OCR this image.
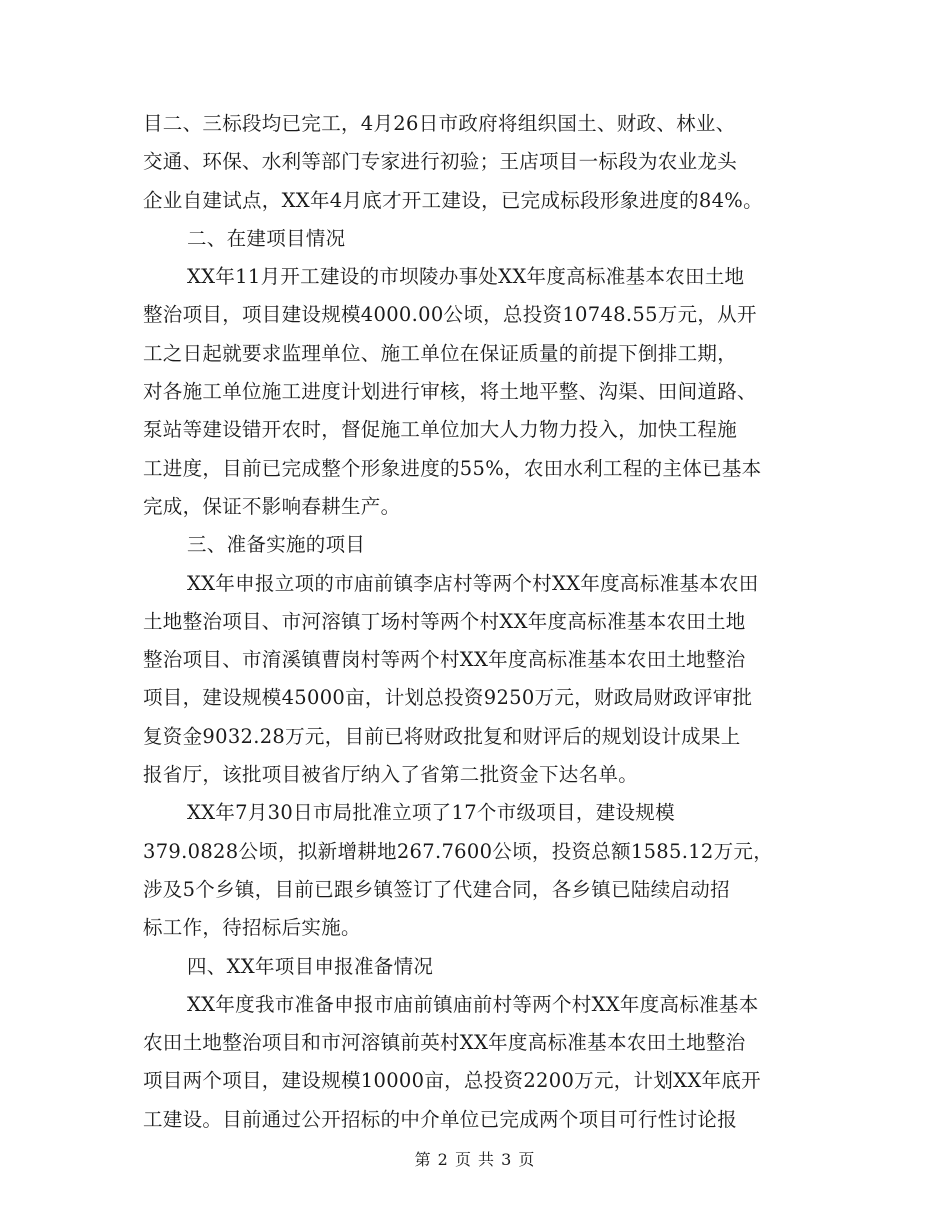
目二、三标段均已完工，4月26日市政府将组织国土、财政、林业、
交通、环保、水利等部门专家进行初验；王店项目一标段为农业龙头
企业自建试点，XX年4月底才开工建设，已完成标段形象进度的84%。
二、在建项目情况
XX年11月开工建设的市坝陵办事处XX年度高标准基本农田土地
整治项目，项目建设规模4000.00公顷，总投资10748.55万元，从开
工之日起就要求监理单位、施工单位在保证质量的前提下倒排工期，
对各施工单位施工进度计划进行审核，将土地平整、沟渠、田间道路、
泵站等建设错开农时，督促施工单位加大人力物力投入，加快工程施
工进度，目前已完成整个形象进度的55%，农田水利工程的主体已基本
完成，保证不影响春耕生产。
三、准备实施的项目
XX年申报立项的市庙前镇李店村等两个村XX年度高标准基本农田
土地整治项目、市河溶镇丁场村等两个村XX年度高标准基本农田土地
整治项目、市淯溪镇曹岗村等两个村XX年度高标准基本农田土地整治
项目，建设规模45000亩，计划总投资9250万元，财政局财政评审批
复资金9032.28万元，目前已将财政批复和财评后的规划设计成果上
报省厅，该批项目被省厅纳入了省第二批资金下达名单。
XX年7月30日市局批准立项了17个市级项目，建设规模
379.0828公顷，拟新增耕地267.7600公顷，投资总额1585.12万元，
涉及5个乡镇，目前已跟乡镇签订了代建合同，各乡镇已陆续启动招
标工作，待招标后实施。
四、XX年项目申报准备情况
XX年度我市准备申报市庙前镇庙前村等两个村XX年度高标准基本
农田土地整治项目和市河溶镇前英村XX年度高标准基本农田土地整治
项目两个项目，建设规模10000亩，总投资2200万元，计划XX年底开
工建设。目前通过公开招标的中介单位已完成两个项目可行性讨论报
第 2 页 共 3 页
